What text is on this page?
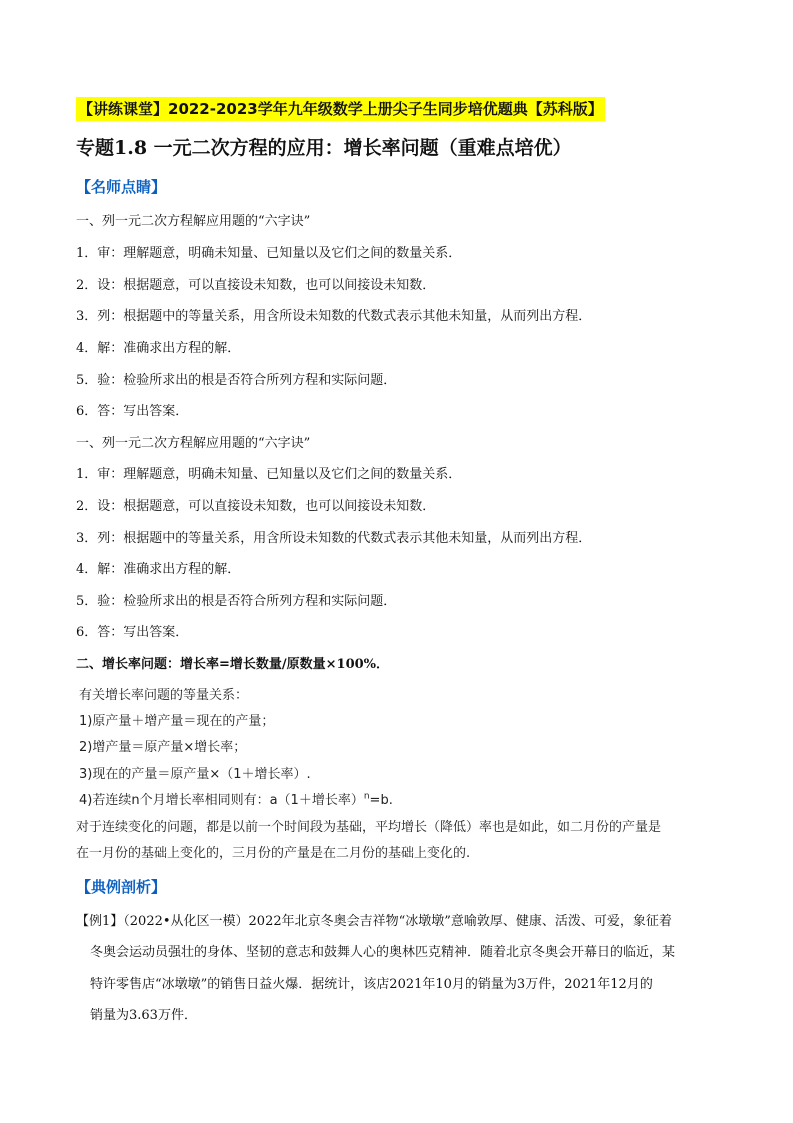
【讲练课堂】2022-2023学年九年级数学上册尖子生同步培优题典【苏科版】
专题1.8 一元二次方程的应用：增长率问题（重难点培优）
【名师点睛】
一、列一元二次方程解应用题的“六字诀”
1．审：理解题意，明确未知量、已知量以及它们之间的数量关系．
2．设：根据题意，可以直接设未知数，也可以间接设未知数．
3．列：根据题中的等量关系，用含所设未知数的代数式表示其他未知量，从而列出方程．
4．解：准确求出方程的解．
5．验：检验所求出的根是否符合所列方程和实际问题．
6．答：写出答案．
一、列一元二次方程解应用题的“六字诀”
1．审：理解题意，明确未知量、已知量以及它们之间的数量关系．
2．设：根据题意，可以直接设未知数，也可以间接设未知数．
3．列：根据题中的等量关系，用含所设未知数的代数式表示其他未知量，从而列出方程．
4．解：准确求出方程的解．
5．验：检验所求出的根是否符合所列方程和实际问题．
6．答：写出答案．
二、增长率问题：增长率=增长数量/原数量×100%．
有关增长率问题的等量关系：
1)原产量＋增产量＝现在的产量；
2)增产量＝原产量×增长率；
3)现在的产量＝原产量×（1＋增长率）.
4)若连续n个月增长率相同则有：a（1＋增长率）$^n$=b.
对于连续变化的问题，都是以前一个时间段为基础，平均增长（降低）率也是如此，如二月份的产量是
在一月份的基础上变化的，三月份的产量是在二月份的基础上变化的.
【典例剖析】
【例1】（2022•从化区一模）2022年北京冬奥会吉祥物“冰墩墩”意喻敦厚、健康、活泼、可爱，象征着
冬奥会运动员强壮的身体、坚韧的意志和鼓舞人心的奥林匹克精神．随着北京冬奥会开幕日的临近，某
特许零售店“冰墩墩”的销售日益火爆．据统计，该店2021年10月的销量为3万件，2021年12月的
销量为3.63万件．
